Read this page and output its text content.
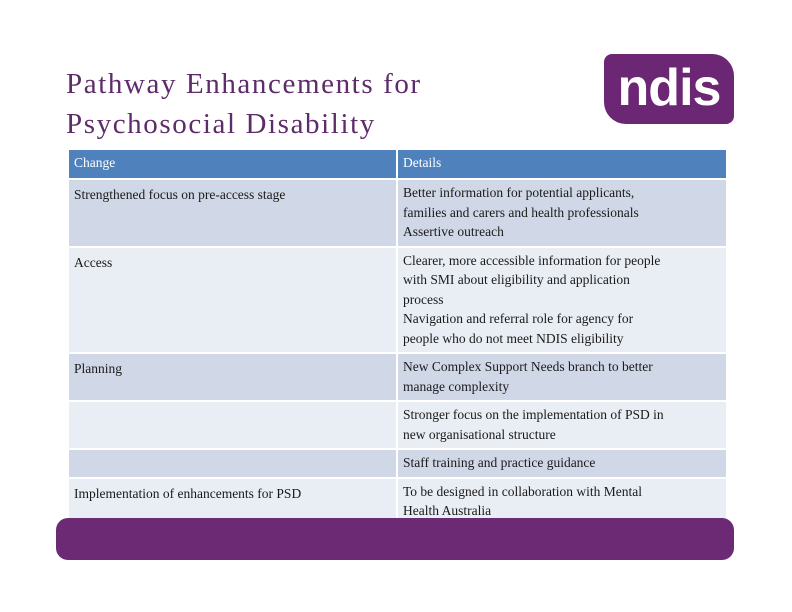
Pathway Enhancements for
Psychosocial Disability
ndis
Change	Details
Strengthened focus on pre-access stage	Better information for potential applicants,
families and carers and health professionals
Assertive outreach

Access	Clearer, more accessible information for people
with SMI about eligibility and application
process
Navigation and referral role for agency for
people who do not meet NDIS eligibility

Planning	New Complex Support Needs branch to better
manage complexity

	Stronger focus on the implementation of PSD in
new organisational structure

	Staff training and practice guidance

Implementation of enhancements for PSD	To be designed in collaboration with Mental
Health Australia
